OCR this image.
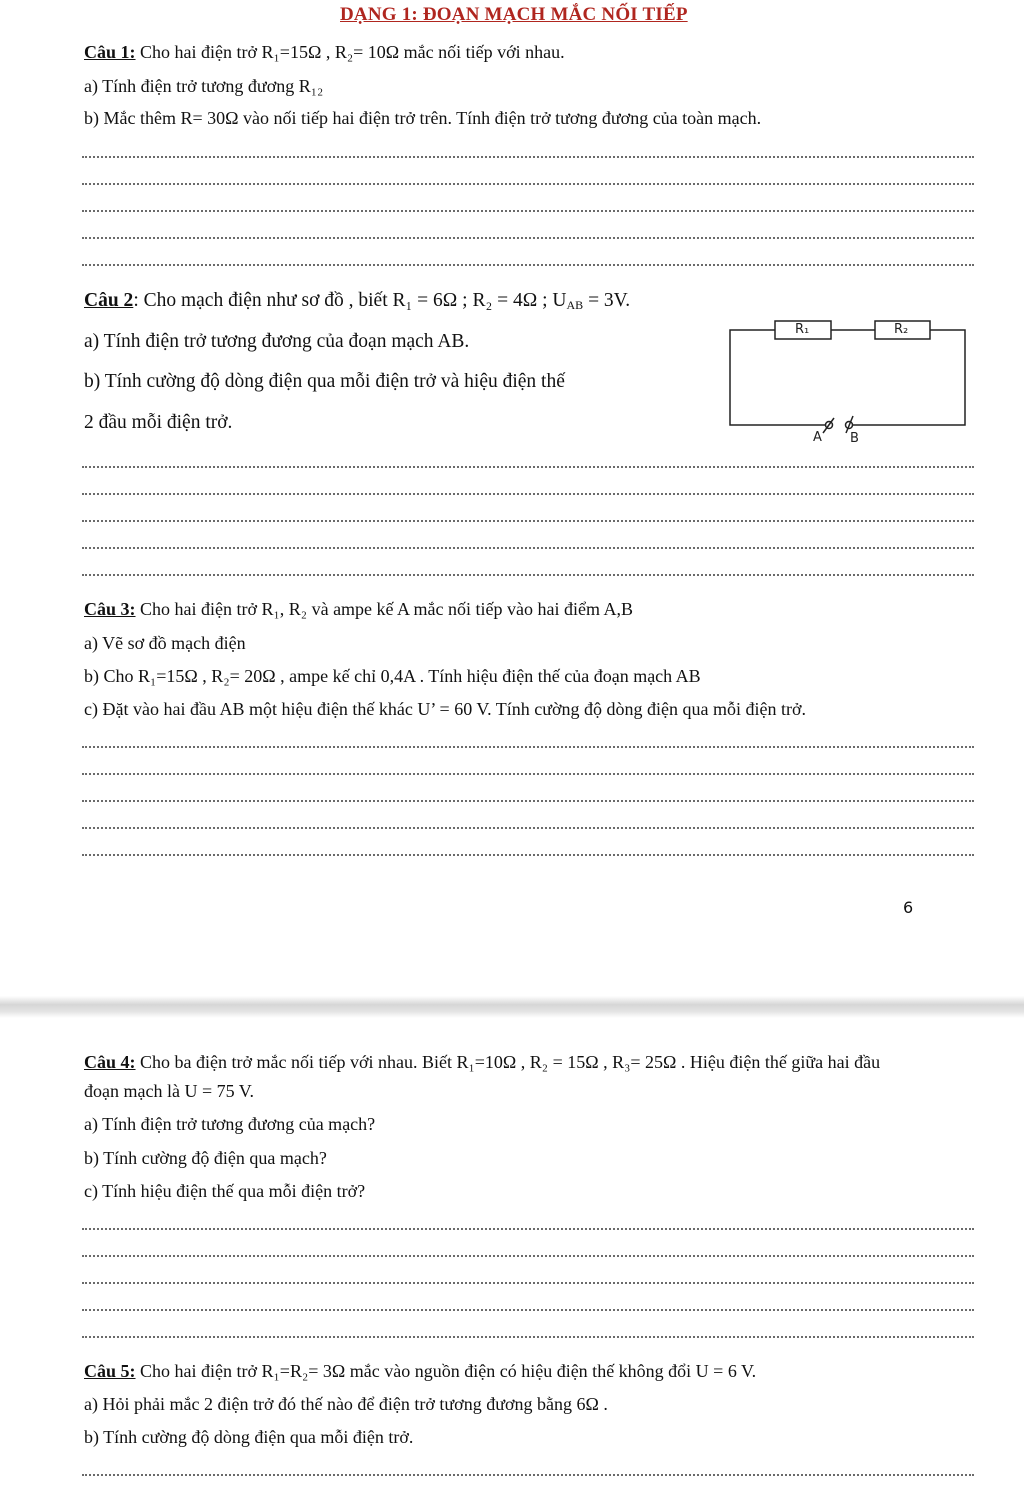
DẠNG 1: ĐOẠN MẠCH MẮC NỐI TIẾP
Câu 1: Cho hai điện trở R₁=15Ω , R₂= 10Ω mắc nối tiếp với nhau.
a) Tính điện trở tương đương R₁₂
b) Mắc thêm R= 30Ω vào nối tiếp hai điện trở trên. Tính điện trở tương đương của toàn mạch.
Câu 2: Cho mạch điện như sơ đồ , biết R₁ = 6Ω ; R₂ = 4Ω ; $U_{AB} = 3V$.
a) Tính điện trở tương đương của đoạn mạch AB.
b) Tính cường độ dòng điện qua mỗi điện trở và hiệu điện thế
2 đầu mỗi điện trở.
R₁	R₂
A B
Câu 3: Cho hai điện trở R₁, R₂ và ampe kế A mắc nối tiếp vào hai điểm A,B
a) Vẽ sơ đồ mạch điện
b) Cho R₁=15Ω , R₂= 20Ω , ampe kế chỉ 0,4A . Tính hiệu điện thế của đoạn mạch AB
c) Đặt vào hai đầu AB một hiệu điện thế khác U’ = 60 V. Tính cường độ dòng điện qua mỗi điện trở.
6
Câu 4: Cho ba điện trở mắc nối tiếp với nhau. Biết R₁=10Ω , R₂ = 15Ω , R₃= 25Ω . Hiệu điện thế giữa hai đầu
đoạn mạch là U = 75 V.
a) Tính điện trở tương đương của mạch?
b) Tính cường độ điện qua mạch?
c) Tính hiệu điện thế qua mỗi điện trở?
Câu 5: Cho hai điện trở R₁=R₂= 3Ω mắc vào nguồn điện có hiệu điện thế không đổi U = 6 V.
a) Hỏi phải mắc 2 điện trở đó thế nào để điện trở tương đương bằng 6Ω .
b) Tính cường độ dòng điện qua mỗi điện trở.
